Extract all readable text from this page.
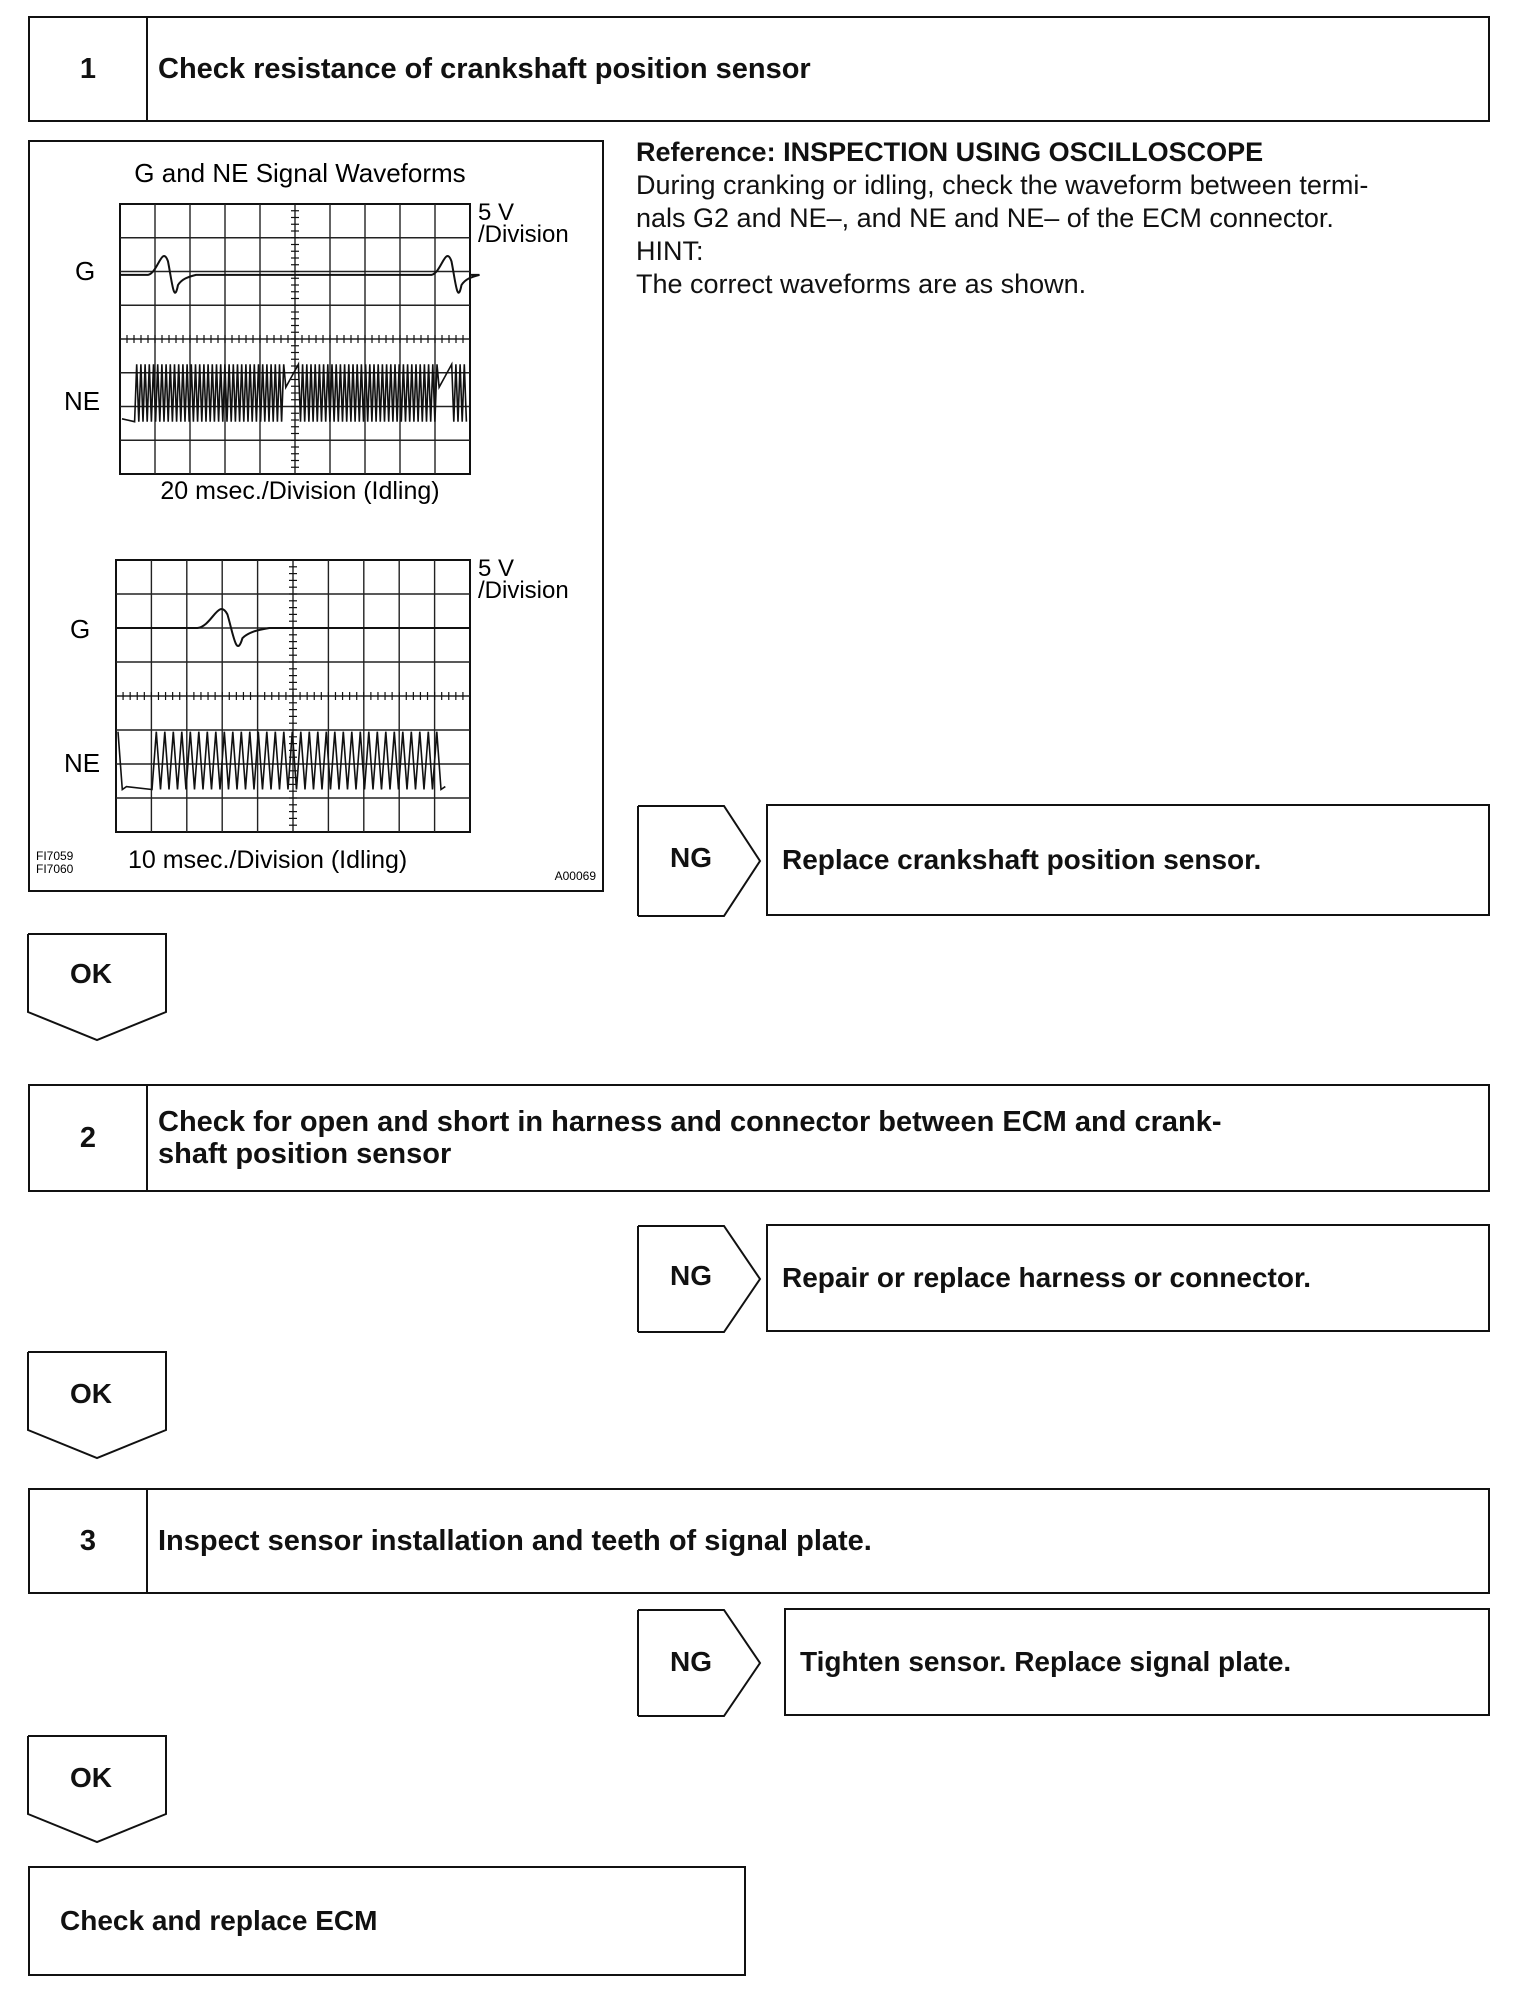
1	Check resistance of crankshaft position sensor
G and NE Signal Waveforms
G
NE
5 V
/Division
20 msec./Division (Idling)
G
NE
5 V
/Division
10 msec./Division (Idling)
FI7059
FI7060	A00069
Reference: INSPECTION USING OSCILLOSCOPE
During cranking or idling, check the waveform between termi-
nals G2 and NE–, and NE and NE– of the ECM connector.
HINT:
The correct waveforms are as shown.
NG	Replace crankshaft position sensor.
OK
2	Check for open and short in harness and connector between ECM and crank-
shaft position sensor
NG	Repair or replace harness or connector.
OK
3	Inspect sensor installation and teeth of signal plate.
NG	Tighten sensor. Replace signal plate.
OK
Check and replace ECM
